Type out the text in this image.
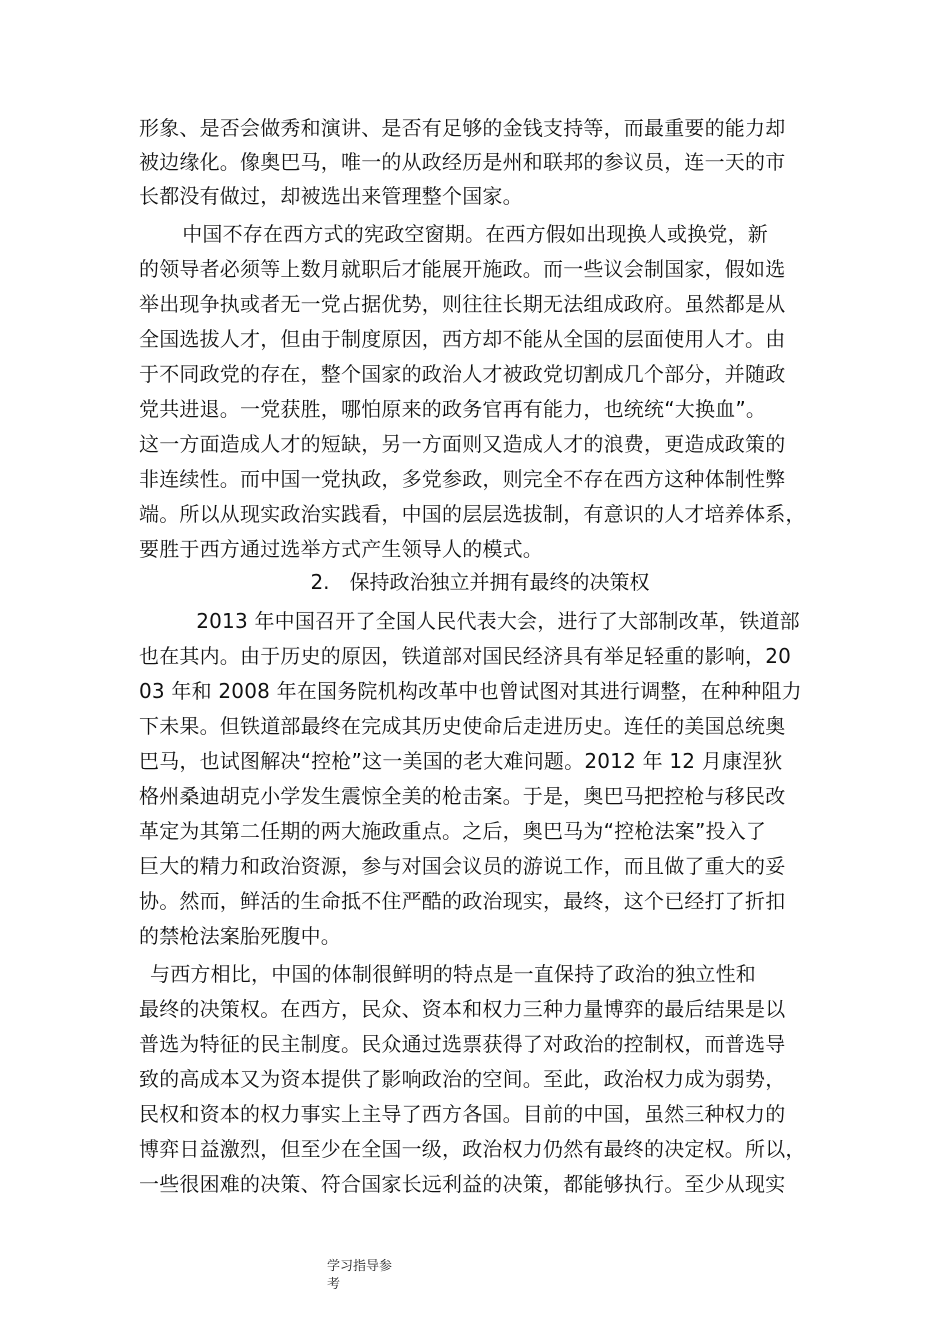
形象、是否会做秀和演讲、是否有足够的金钱支持等，而最重要的能力却
被边缘化。像奥巴马，唯一的从政经历是州和联邦的参议员，连一天的市
长都没有做过，却被选出来管理整个国家。
　中国不存在西方式的宪政空窗期。在西方假如出现换人或换党，新
的领导者必须等上数月就职后才能展开施政。而一些议会制国家，假如选
举出现争执或者无一党占据优势，则往往长期无法组成政府。虽然都是从
全国选拔人才，但由于制度原因，西方却不能从全国的层面使用人才。由
于不同政党的存在，整个国家的政治人才被政党切割成几个部分，并随政
党共进退。一党获胜，哪怕原来的政务官再有能力，也统统“大换血”。
这一方面造成人才的短缺，另一方面则又造成人才的浪费，更造成政策的
非连续性。而中国一党执政，多党参政，则完全不存在西方这种体制性弊
端。所以从现实政治实践看，中国的层层选拔制，有意识的人才培养体系，
要胜于西方通过选举方式产生领导人的模式。
2.　保持政治独立并拥有最终的决策权
　2013 年中国召开了全国人民代表大会，进行了大部制改革，铁道部
也在其内。由于历史的原因，铁道部对国民经济具有举足轻重的影响，20
03 年和 2008 年在国务院机构改革中也曾试图对其进行调整，在种种阻力
下未果。但铁道部最终在完成其历史使命后走进历史。连任的美国总统奥
巴马，也试图解决“控枪”这一美国的老大难问题。2012 年 12 月康涅狄
格州桑迪胡克小学发生震惊全美的枪击案。于是，奥巴马把控枪与移民改
革定为其第二任期的两大施政重点。之后，奥巴马为“控枪法案”投入了
巨大的精力和政治资源，参与对国会议员的游说工作，而且做了重大的妥
协。然而，鲜活的生命抵不住严酷的政治现实，最终，这个已经打了折扣
的禁枪法案胎死腹中。
与西方相比，中国的体制很鲜明的特点是一直保持了政治的独立性和
最终的决策权。在西方，民众、资本和权力三种力量博弈的最后结果是以
普选为特征的民主制度。民众通过选票获得了对政治的控制权，而普选导
致的高成本又为资本提供了影响政治的空间。至此，政治权力成为弱势，
民权和资本的权力事实上主导了西方各国。目前的中国，虽然三种权力的
博弈日益激烈，但至少在全国一级，政治权力仍然有最终的决定权。所以，
一些很困难的决策、符合国家长远利益的决策，都能够执行。至少从现实
学习指导参
考
